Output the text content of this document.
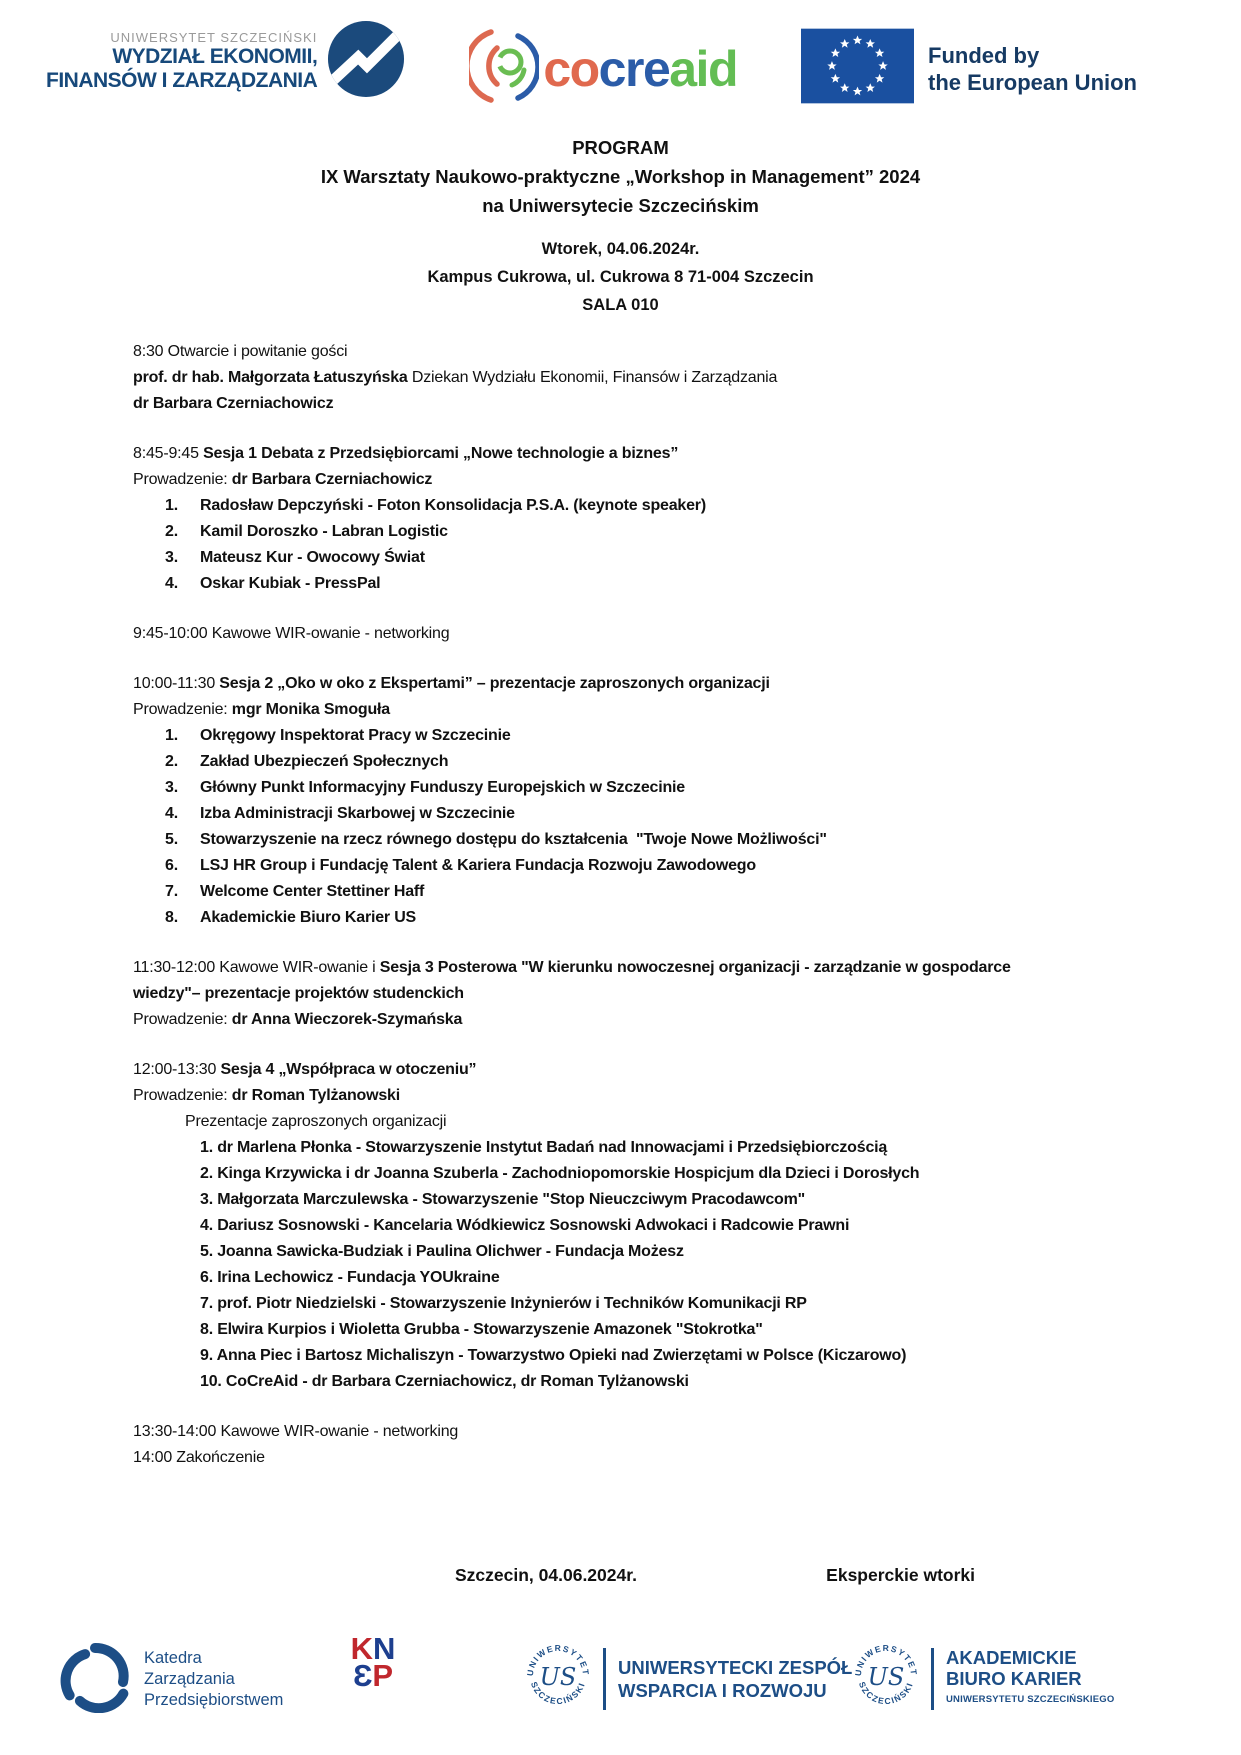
UNIWERSYTET SZCZECIŃSKI
WYDZIAŁ EKONOMII,
FINANSÓW I ZARZĄDZANIA	cocreaid	Funded by
the European Union
PROGRAM
IX Warsztaty Naukowo-praktyczne „Workshop in Management” 2024
na Uniwersytecie Szczecińskim
Wtorek, 04.06.2024r.
Kampus Cukrowa, ul. Cukrowa 8 71-004 Szczecin
SALA 010

8:30 Otwarcie i powitanie gości

prof. dr hab. Małgorzata Łatuszyńska Dziekan Wydziału Ekonomii, Finansów i Zarządzania

dr Barbara Czerniachowicz

8:45-9:45 Sesja 1 Debata z Przedsiębiorcami „Nowe technologie a biznes”

Prowadzenie: dr Barbara Czerniachowicz

1. Radosław Depczyński - Foton Konsolidacja P.S.A. (keynote speaker)

2. Kamil Doroszko - Labran Logistic

3. Mateusz Kur - Owocowy Świat

4. Oskar Kubiak - PressPal

9:45-10:00 Kawowe WIR-owanie - networking

10:00-11:30 Sesja 2 „Oko w oko z Ekspertami” – prezentacje zaproszonych organizacji

Prowadzenie: mgr Monika Smoguła

1. Okręgowy Inspektorat Pracy w Szczecinie

2. Zakład Ubezpieczeń Społecznych

3. Główny Punkt Informacyjny Funduszy Europejskich w Szczecinie

4. Izba Administracji Skarbowej w Szczecinie

5. Stowarzyszenie na rzecz równego dostępu do kształcenia  "Twoje Nowe Możliwości"

6. LSJ HR Group i Fundację Talent & Kariera Fundacja Rozwoju Zawodowego

7. Welcome Center Stettiner Haff

8. Akademickie Biuro Karier US

11:30-12:00 Kawowe WIR-owanie i Sesja 3 Posterowa "W kierunku nowoczesnej organizacji - zarządzanie w gospodarce wiedzy"– prezentacje projektów studenckich

Prowadzenie: dr Anna Wieczorek-Szymańska

12:00-13:30 Sesja 4 „Współpraca w otoczeniu”

Prowadzenie: dr Roman Tylżanowski

Prezentacje zaproszonych organizacji

1. dr Marlena Płonka - Stowarzyszenie Instytut Badań nad Innowacjami i Przedsiębiorczością

2. Kinga Krzywicka i dr Joanna Szuberla - Zachodniopomorskie Hospicjum dla Dzieci i Dorosłych

3. Małgorzata Marczulewska - Stowarzyszenie "Stop Nieuczciwym Pracodawcom"

4. Dariusz Sosnowski - Kancelaria Wódkiewicz Sosnowski Adwokaci i Radcowie Prawni

5. Joanna Sawicka-Budziak i Paulina Olichwer - Fundacja Możesz

6. Irina Lechowicz - Fundacja YOUkraine

7. prof. Piotr Niedzielski - Stowarzyszenie Inżynierów i Techników Komunikacji RP

8. Elwira Kurpios i Wioletta Grubba - Stowarzyszenie Amazonek "Stokrotka"

9. Anna Piec i Bartosz Michaliszyn - Towarzystwo Opieki nad Zwierzętami w Polsce (Kiczarowo)

10. CoCreAid - dr Barbara Czerniachowicz, dr Roman Tylżanowski

13:30-14:00 Kawowe WIR-owanie - networking

14:00 Zakończenie

Szczecin, 04.06.2024r.	Eksperckie wtorki
Katedra
Zarządzania
Przedsiębiorstwem
KN
ƐP	UNIWERSYTET
SZCZECIŃSKI
US UNIWERSYTECKI ZESPÓŁ
WSPARCIA I ROZWOJU
UNIWERSYTET
SZCZECIŃSKI
US
AKADEMICKIE
BIURO KARIER
UNIWERSYTETU SZCZECIŃSKIEGO
